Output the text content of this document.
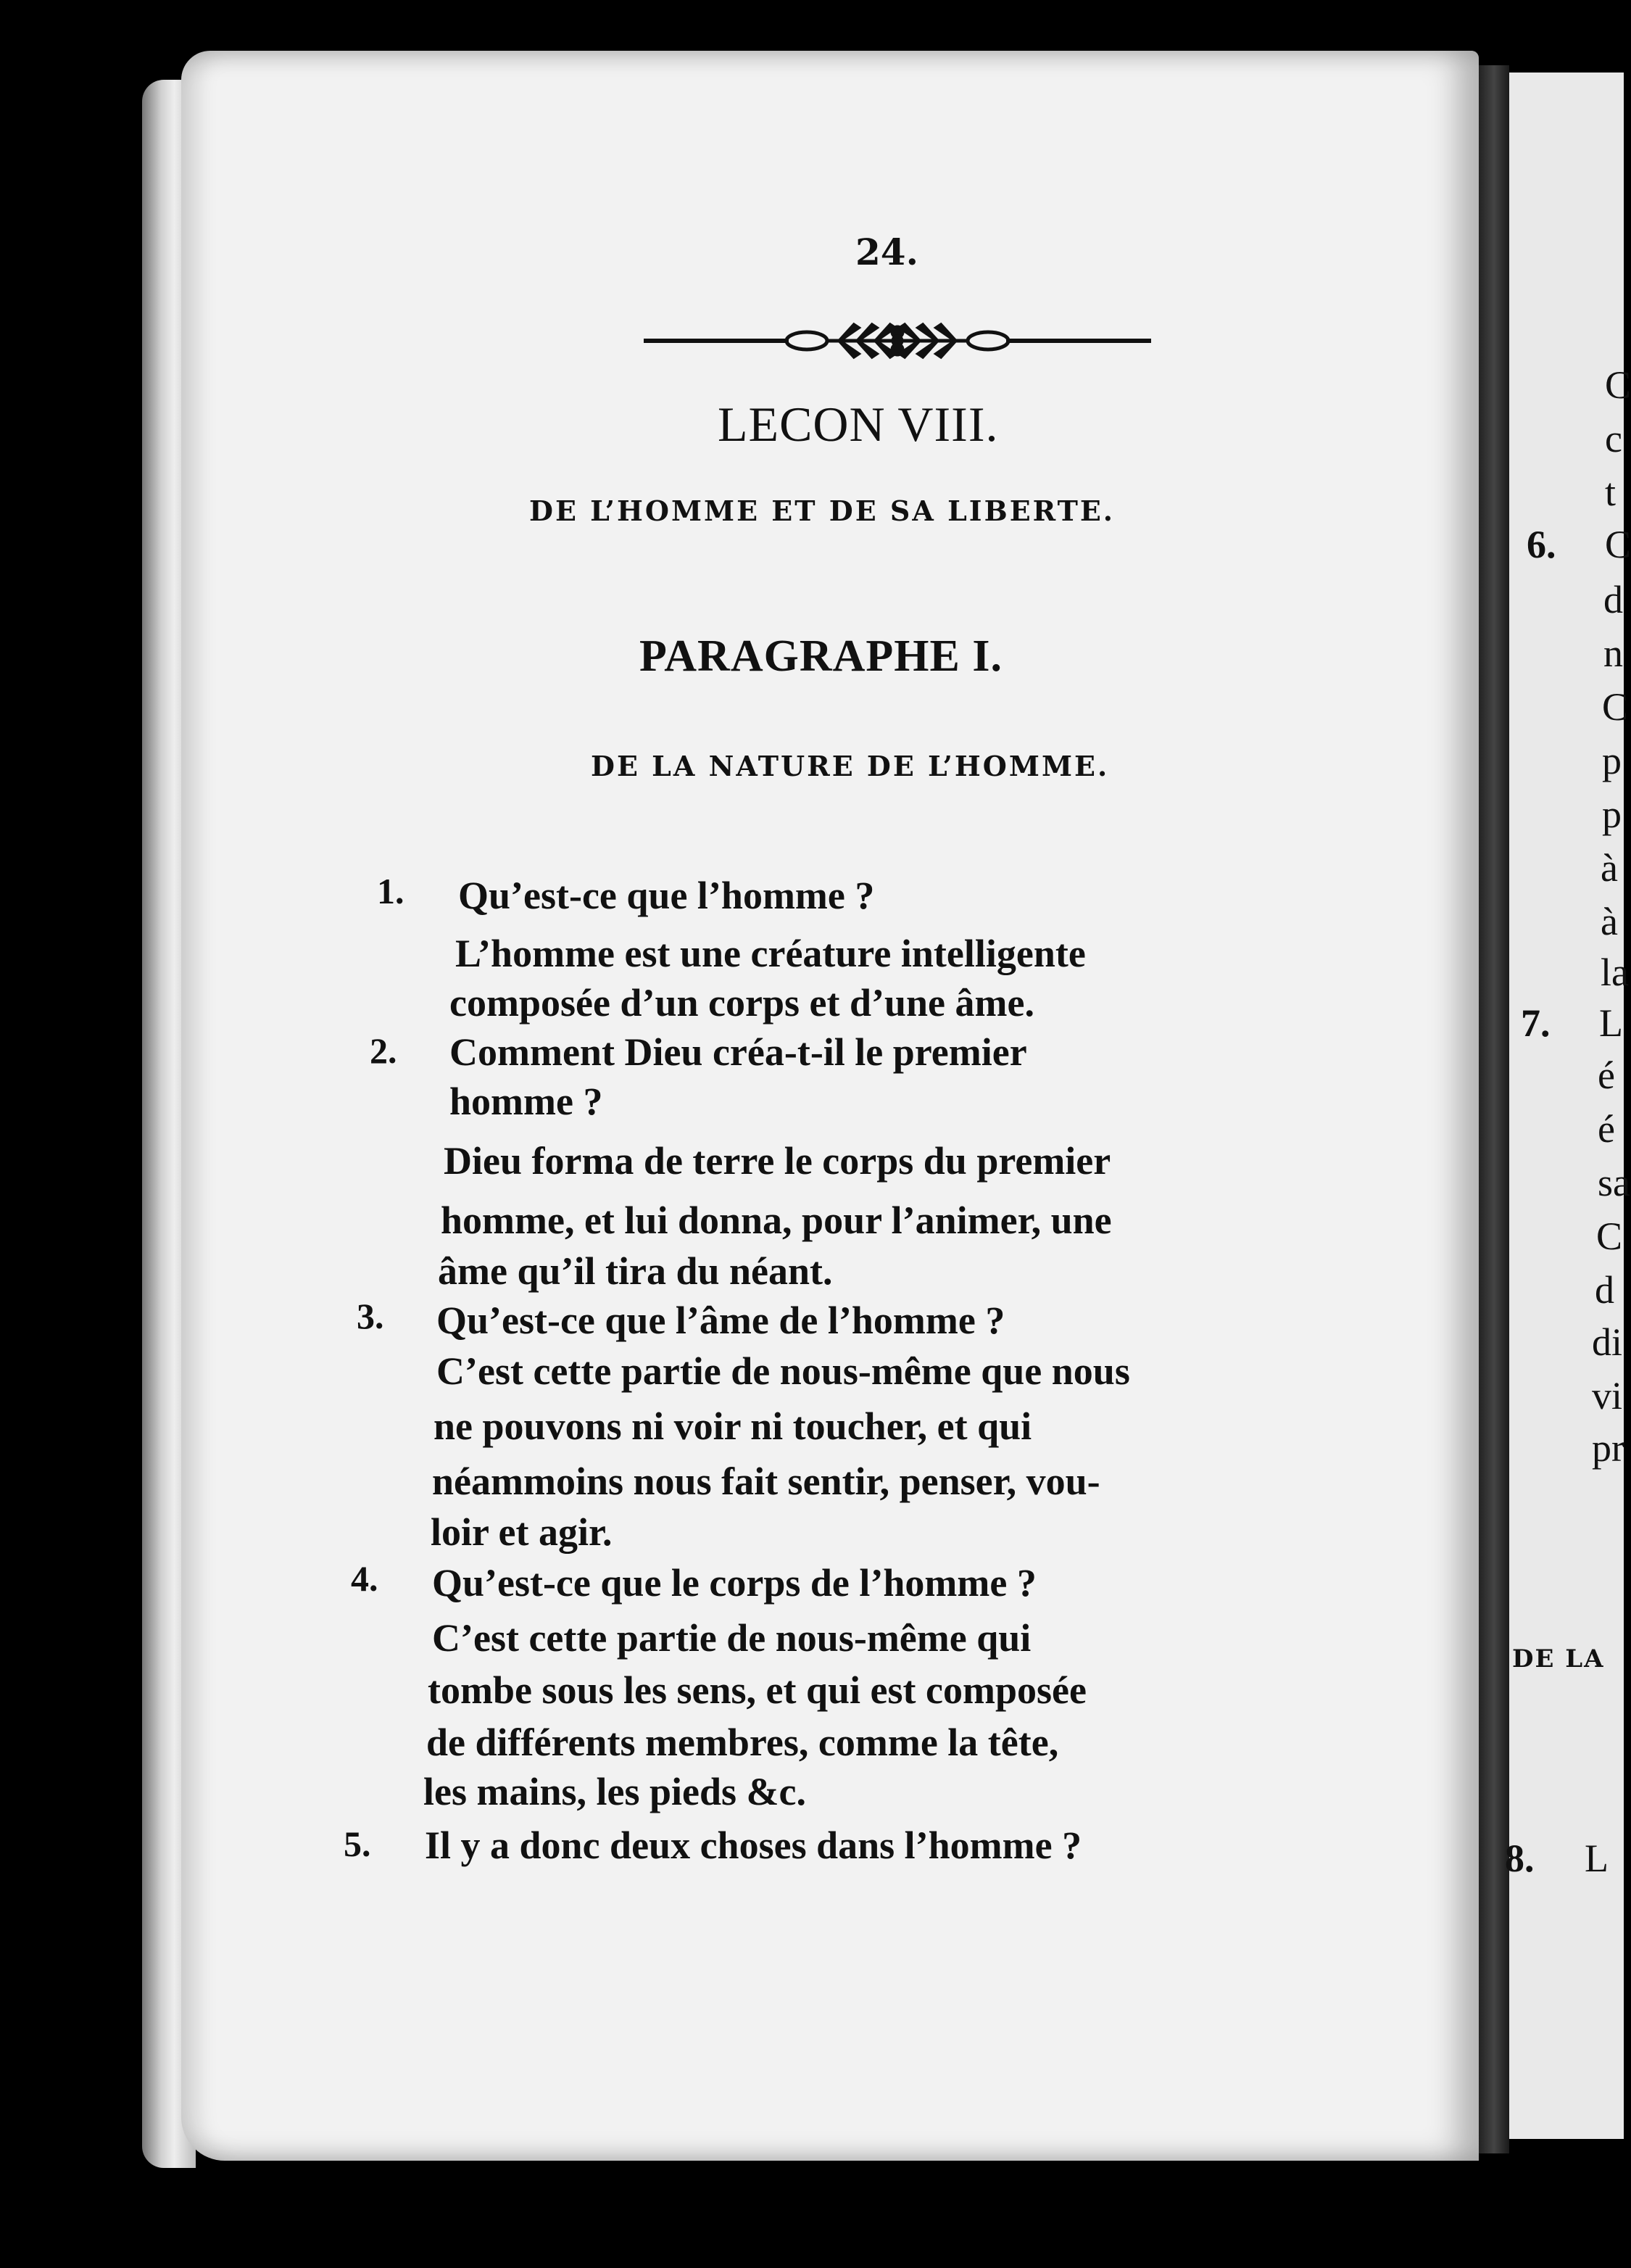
24.
LECON VIII.
DE L’HOMME ET DE SA LIBERTE.
PARAGRAPHE I.
DE LA NATURE DE L’HOMME.
1. Qu’est-ce que l’homme ?
L’homme est une créature intelligente
composée d’un corps et d’une âme.
2. Comment Dieu créa-t-il le premier
homme ?
Dieu forma de terre le corps du premier
homme, et lui donna, pour l’animer, une
âme qu’il tira du néant.
3. Qu’est-ce que l’âme de l’homme ?
C’est cette partie de nous-même que nous
ne pouvons ni voir ni toucher, et qui
néammoins nous fait sentir, penser, vou-
loir et agir.
4. Qu’est-ce que le corps de l’homme ?
C’est cette partie de nous-même qui
tombe sous les sens, et qui est composée
de différents membres, comme la tête,
les mains, les pieds &c.
5. Il y a donc deux choses dans l’homme ?
C
c
t
6. C
d
n
C
p
p
à
à
la
7. L
é
é
sa
C
d
di
vi
pr
DE LA
8. L
